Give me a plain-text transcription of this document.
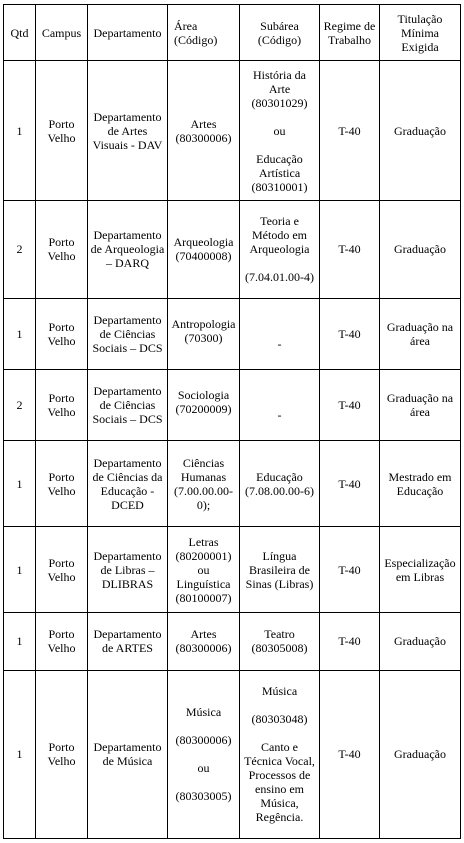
Qtd	Campus	Departamento	Área (Código)	Subárea (Código)	Regime de Trabalho	Titulação Mínima Exigida
1	Porto Velho	Departamento de Artes Visuais - DAV	Artes (80300006)	História da Arte (80301029)
ou
Educação Artística (80310001)	T-40	Graduação
2	Porto Velho	Departamento de Arqueologia – DARQ	Arqueologia (70400008)	Teoria e Método em Arqueologia
(7.04.01.00-4)	T-40	Graduação
1	Porto Velho	Departamento de Ciências Sociais – DCS	Antropologia (70300)	-	T-40	Graduação na área
2	Porto Velho	Departamento de Ciências Sociais – DCS	Sociologia (70200009)	-	T-40	Graduação na área
1	Porto Velho	Departamento de Ciências da Educação - DCED	Ciências Humanas (7.00.00.00-0);	Educação (7.08.00.00-6)	T-40	Mestrado em Educação
1	Porto Velho	Departamento de Libras – DLIBRAS	Letras (80200001) ou Linguística (80100007)	Língua Brasileira de Sinas (Libras)	T-40	Especialização em Libras
1	Porto Velho	Departamento de ARTES	Artes (80300006)	Teatro (80305008)	T-40	Graduação
1	Porto Velho	Departamento de Música	Música
(80300006)
ou
(80303005)	Música
(80303048)
Canto e Técnica Vocal, Processos de ensino em Música, Regência.	T-40	Graduação
